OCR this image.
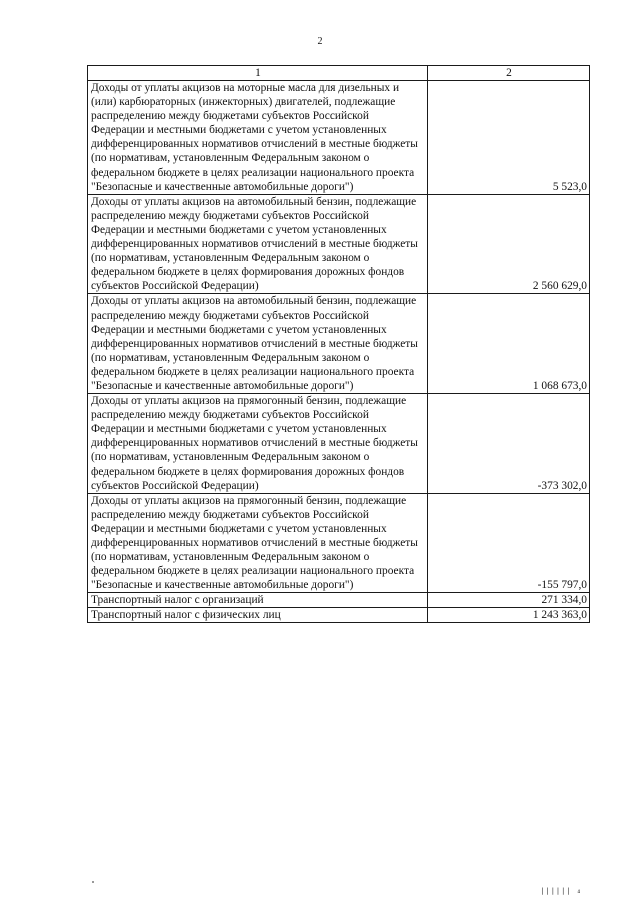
2
1	2
Доходы от уплаты акцизов на моторные масла для дизельных и (или) карбюраторных (инжекторных) двигателей, подлежащие распределению между бюджетами субъектов Российской Федерации и местными бюджетами с учетом установленных дифференцированных нормативов отчислений в местные бюджеты (по нормативам, установленным Федеральным законом о федеральном бюджете в целях реализации национального проекта "Безопасные и качественные автомобильные дороги")	5 523,0
Доходы от уплаты акцизов на автомобильный бензин, подлежащие распределению между бюджетами субъектов Российской Федерации и местными бюджетами с учетом установленных дифференцированных нормативов отчислений в местные бюджеты (по нормативам, установленным Федеральным законом о федеральном бюджете в целях формирования дорожных фондов субъектов Российской Федерации)	2 560 629,0
Доходы от уплаты акцизов на автомобильный бензин, подлежащие распределению между бюджетами субъектов Российской Федерации и местными бюджетами с учетом установленных дифференцированных нормативов отчислений в местные бюджеты (по нормативам, установленным Федеральным законом о федеральном бюджете в целях реализации национального проекта "Безопасные и качественные автомобильные дороги")	1 068 673,0
Доходы от уплаты акцизов на прямогонный бензин, подлежащие распределению между бюджетами субъектов Российской Федерации и местными бюджетами с учетом установленных дифференцированных нормативов отчислений в местные бюджеты (по нормативам, установленным Федеральным законом о федеральном бюджете в целях формирования дорожных фондов субъектов Российской Федерации)	-373 302,0
Доходы от уплаты акцизов на прямогонный бензин, подлежащие распределению между бюджетами субъектов Российской Федерации и местными бюджетами с учетом установленных дифференцированных нормативов отчислений в местные бюджеты (по нормативам, установленным Федеральным законом о федеральном бюджете в целях реализации национального проекта "Безопасные и качественные автомобильные дороги")	-155 797,0
Транспортный налог с организаций	271 334,0
Транспортный налог с физических лиц	1 243 363,0
|||||| ₄
